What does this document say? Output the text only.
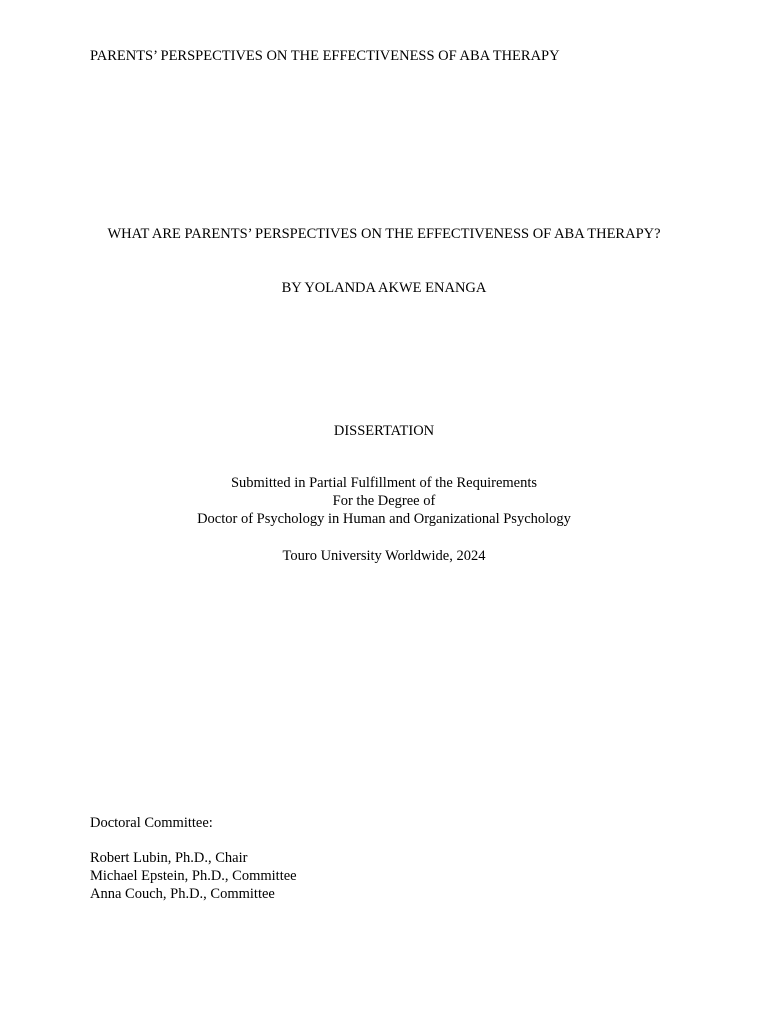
PARENTS’ PERSPECTIVES ON THE EFFECTIVENESS OF ABA THERAPY
WHAT ARE PARENTS’ PERSPECTIVES ON THE EFFECTIVENESS OF ABA THERAPY?
BY YOLANDA AKWE ENANGA
DISSERTATION
Submitted in Partial Fulfillment of the Requirements
For the Degree of
Doctor of Psychology in Human and Organizational Psychology
Touro University Worldwide, 2024
Doctoral Committee:
Robert Lubin, Ph.D., Chair
Michael Epstein, Ph.D., Committee
Anna Couch, Ph.D., Committee
